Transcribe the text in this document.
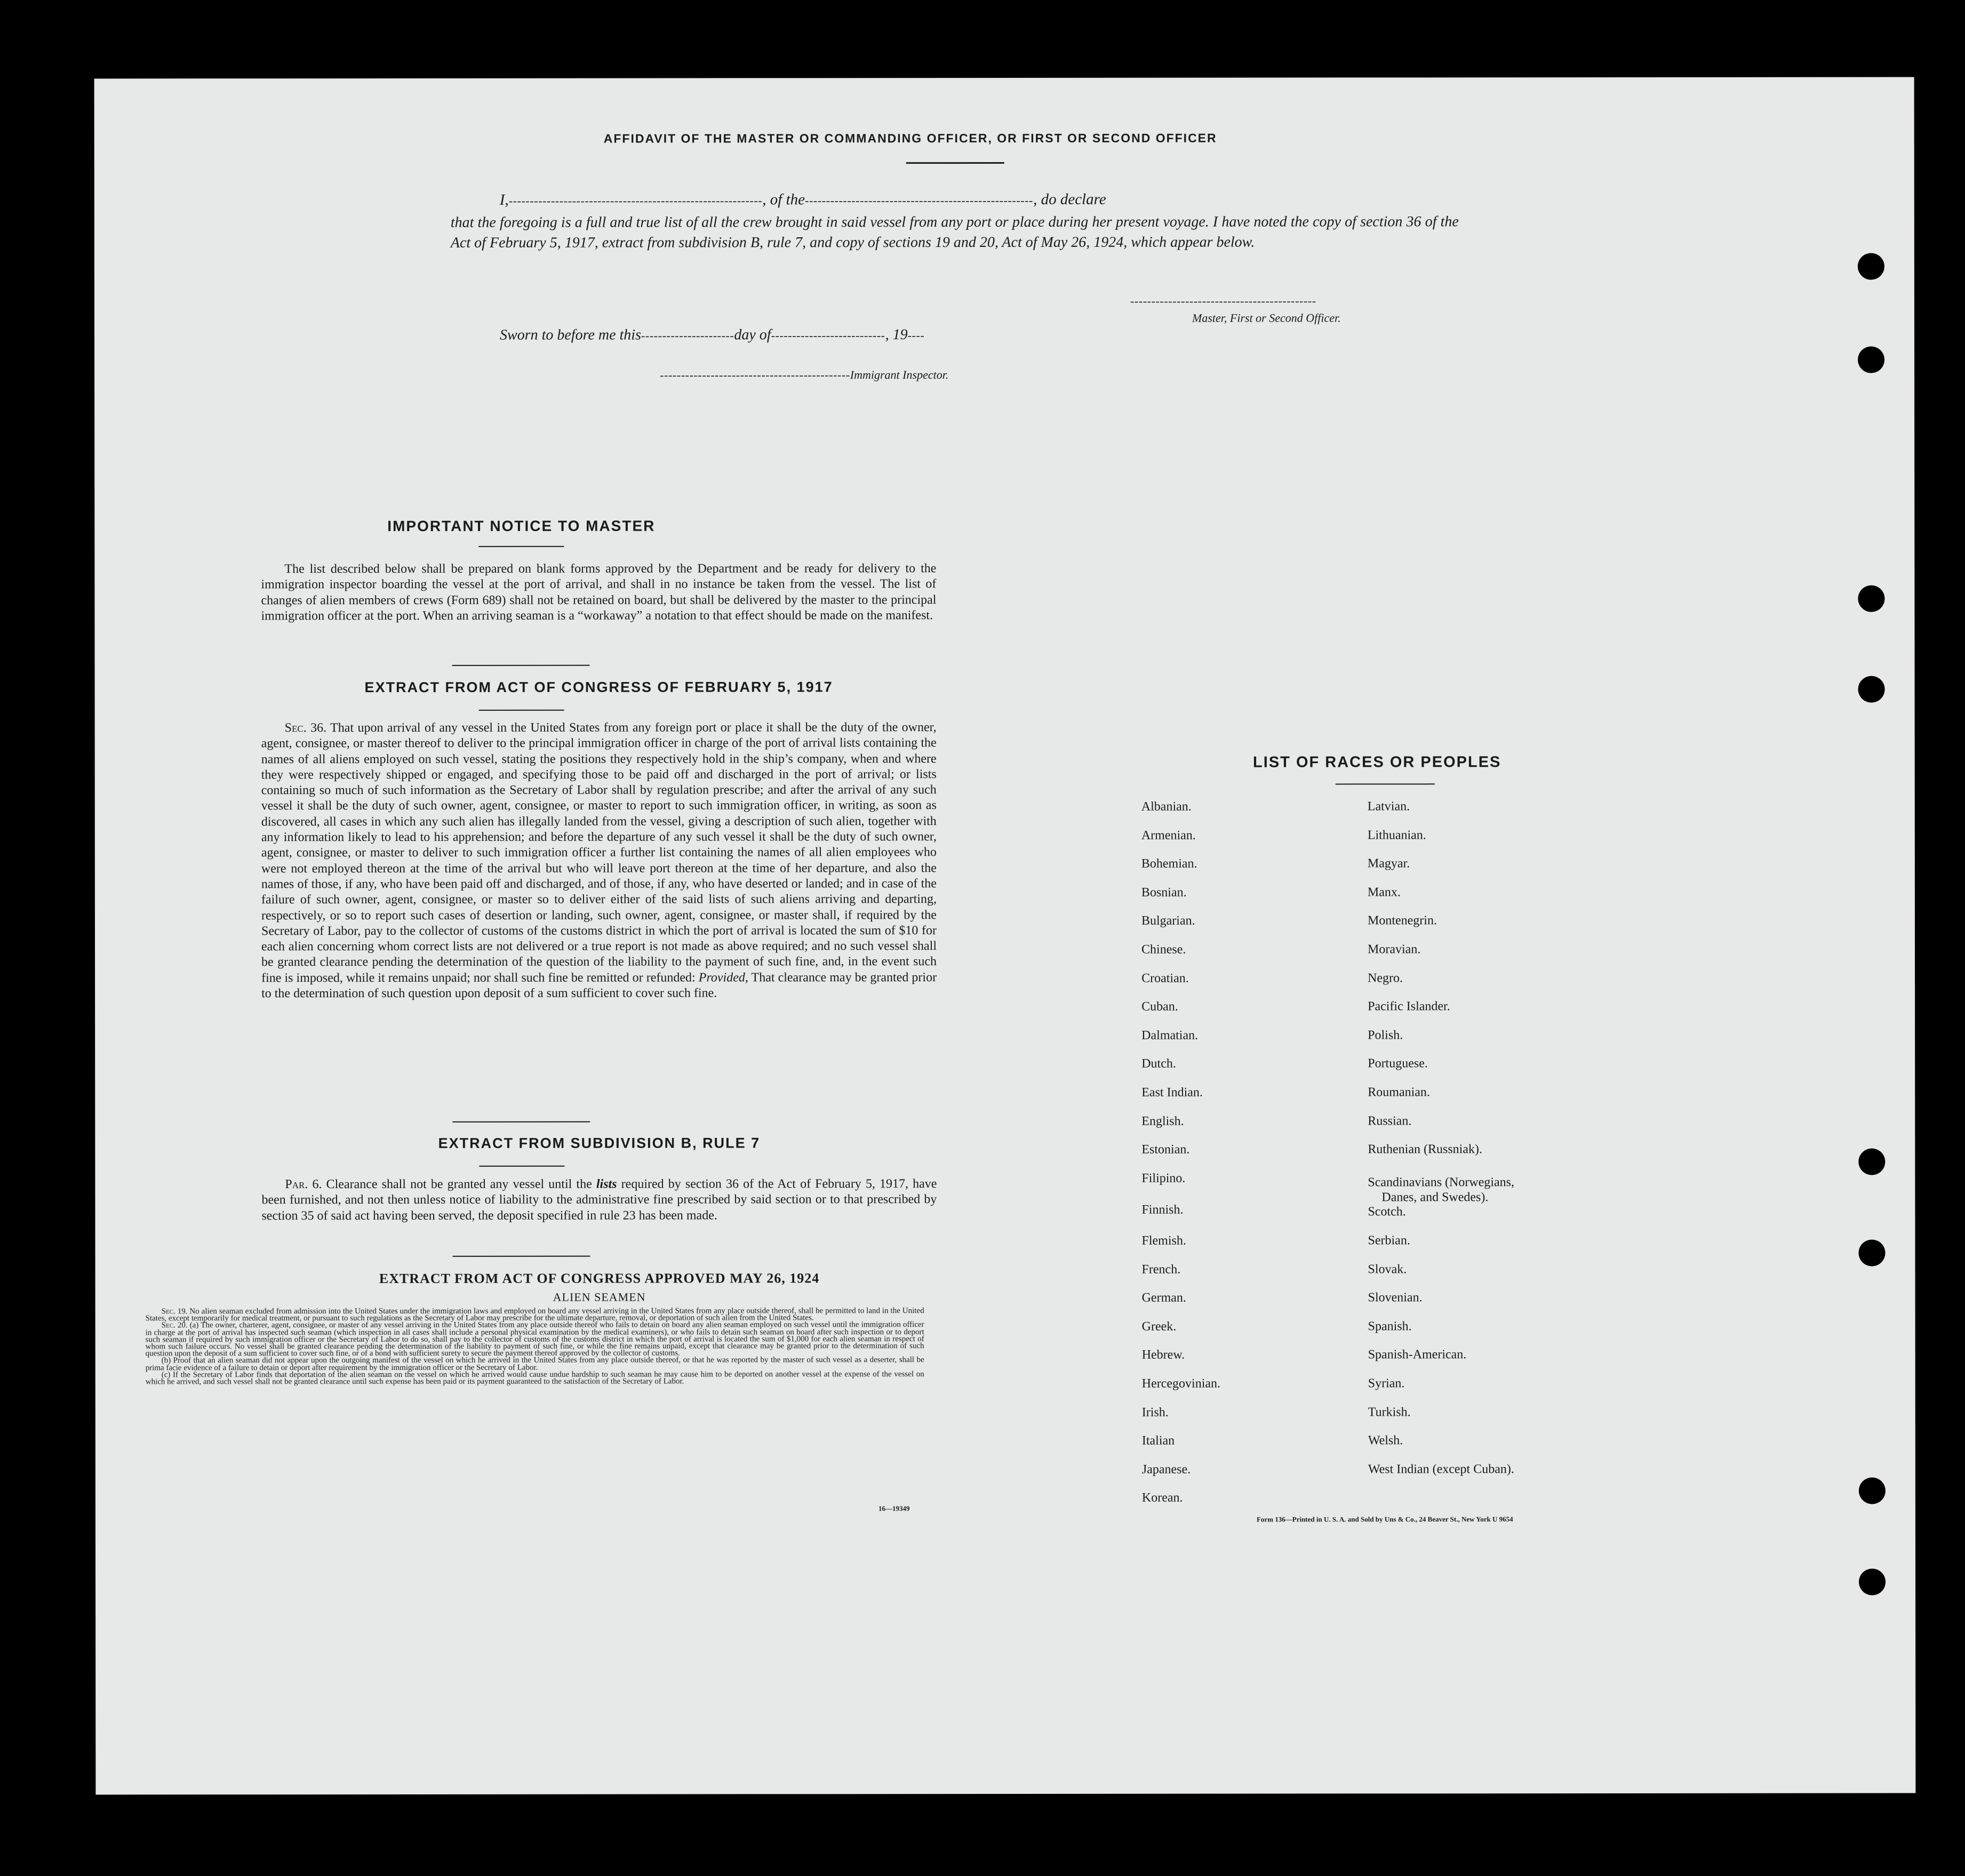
AFFIDAVIT OF THE MASTER OR COMMANDING OFFICER, OR FIRST OR SECOND OFFICER
I,------------------------------------------------------------, of the------------------------------------------------------, do declare

that the foregoing is a full and true list of all the crew brought in said vessel from any port or place during her present voyage. I have noted the copy of section 36 of the Act of February 5, 1917, extract from subdivision B, rule 7, and copy of sections 19 and 20, Act of May 26, 1924, which appear below.

--------------------------------------------
Master, First or Second Officer.
Sworn to before me this----------------------day of---------------------------, 19----
---------------------------------------------Immigrant Inspector.
IMPORTANT NOTICE TO MASTER

The list described below shall be prepared on blank forms approved by the Department and be ready for delivery to the immigration inspector boarding the vessel at the port of arrival, and shall in no instance be taken from the vessel. The list of changes of alien members of crews (Form 689) shall not be retained on board, but shall be delivered by the master to the principal immigration officer at the port. When an arriving seaman is a “workaway” a notation to that effect should be made on the manifest.

EXTRACT FROM ACT OF CONGRESS OF FEBRUARY 5, 1917

Sec. 36. That upon arrival of any vessel in the United States from any foreign port or place it shall be the duty of the owner, agent, consignee, or master thereof to deliver to the principal immigration officer in charge of the port of arrival lists containing the names of all aliens employed on such vessel, stating the positions they respectively hold in the ship’s company, when and where they were respectively shipped or engaged, and specifying those to be paid off and discharged in the port of arrival; or lists containing so much of such information as the Secretary of Labor shall by regulation prescribe; and after the arrival of any such vessel it shall be the duty of such owner, agent, consignee, or master to report to such immigration officer, in writing, as soon as discovered, all cases in which any such alien has illegally landed from the vessel, giving a description of such alien, together with any information likely to lead to his apprehension; and before the departure of any such vessel it shall be the duty of such owner, agent, consignee, or master to deliver to such immigration officer a further list containing the names of all alien employees who were not employed thereon at the time of the arrival but who will leave port thereon at the time of her departure, and also the names of those, if any, who have been paid off and discharged, and of those, if any, who have deserted or landed; and in case of the failure of such owner, agent, consignee, or master so to deliver either of the said lists of such aliens arriving and departing, respectively, or so to report such cases of desertion or landing, such owner, agent, consignee, or master shall, if required by the Secretary of Labor, pay to the collector of customs of the customs district in which the port of arrival is located the sum of $10 for each alien concerning whom correct lists are not delivered or a true report is not made as above required; and no such vessel shall be granted clearance pending the determination of the question of the liability to the payment of such fine, and, in the event such fine is imposed, while it remains unpaid; nor shall such fine be remitted or refunded: Provided, That clearance may be granted prior to the determination of such question upon deposit of a sum sufficient to cover such fine.

EXTRACT FROM SUBDIVISION B, RULE 7

Par. 6. Clearance shall not be granted any vessel until the lists required by section 36 of the Act of February 5, 1917, have been furnished, and not then unless notice of liability to the administrative fine prescribed by said section or to that prescribed by section 35 of said act having been served, the deposit specified in rule 23 has been made.

EXTRACT FROM ACT OF CONGRESS APPROVED MAY 26, 1924
ALIEN SEAMEN

Sec. 19. No alien seaman excluded from admission into the United States under the immigration laws and employed on board any vessel arriving in the United States from any place outside thereof, shall be permitted to land in the United States, except temporarily for medical treatment, or pursuant to such regulations as the Secretary of Labor may prescribe for the ultimate departure, removal, or deportation of such alien from the United States.

Sec. 20. (a) The owner, charterer, agent, consignee, or master of any vessel arriving in the United States from any place outside thereof who fails to detain on board any alien seaman employed on such vessel until the immigration officer in charge at the port of arrival has inspected such seaman (which inspection in all cases shall include a personal physical examination by the medical examiners), or who fails to detain such seaman on board after such inspection or to deport such seaman if required by such immigration officer or the Secretary of Labor to do so, shall pay to the collector of customs of the customs district in which the port of arrival is located the sum of $1,000 for each alien seaman in respect of whom such failure occurs. No vessel shall be granted clearance pending the determination of the liability to payment of such fine, or while the fine remains unpaid, except that clearance may be granted prior to the determination of such question upon the deposit of a sum sufficient to cover such fine, or of a bond with sufficient surety to secure the payment thereof approved by the collector of customs.

(b) Proof that an alien seaman did not appear upon the outgoing manifest of the vessel on which he arrived in the United States from any place outside thereof, or that he was reported by the master of such vessel as a deserter, shall be prima facie evidence of a failure to detain or deport after requirement by the immigration officer or the Secretary of Labor.

(c) If the Secretary of Labor finds that deportation of the alien seaman on the vessel on which he arrived would cause undue hardship to such seaman he may cause him to be deported on another vessel at the expense of the vessel on which he arrived, and such vessel shall not be granted clearance until such expense has been paid or its payment guaranteed to the satisfaction of the Secretary of Labor.

16—19349
LIST OF RACES OR PEOPLES
Albanian.
Armenian.
Bohemian.
Bosnian.
Bulgarian.
Chinese.
Croatian.
Cuban.
Dalmatian.
Dutch.
East Indian.
English.
Estonian.
Filipino.
Finnish.
Flemish.
French.
German.
Greek.
Hebrew.
Hercegovinian.
Irish.
Italian
Japanese.
Korean.
Latvian.
Lithuanian.
Magyar.
Manx.
Montenegrin.
Moravian.
Negro.
Pacific Islander.
Polish.
Portuguese.
Roumanian.
Russian.
Ruthenian (Russniak).
Scandinavians (Norwegians,
Danes, and Swedes).
Scotch.
Serbian.
Slovak.
Slovenian.
Spanish.
Spanish-American.
Syrian.
Turkish.
Welsh.
West Indian (except Cuban).
Form 136—Printed in U. S. A. and Sold by Uns & Co., 24 Beaver St., New York U 9654
